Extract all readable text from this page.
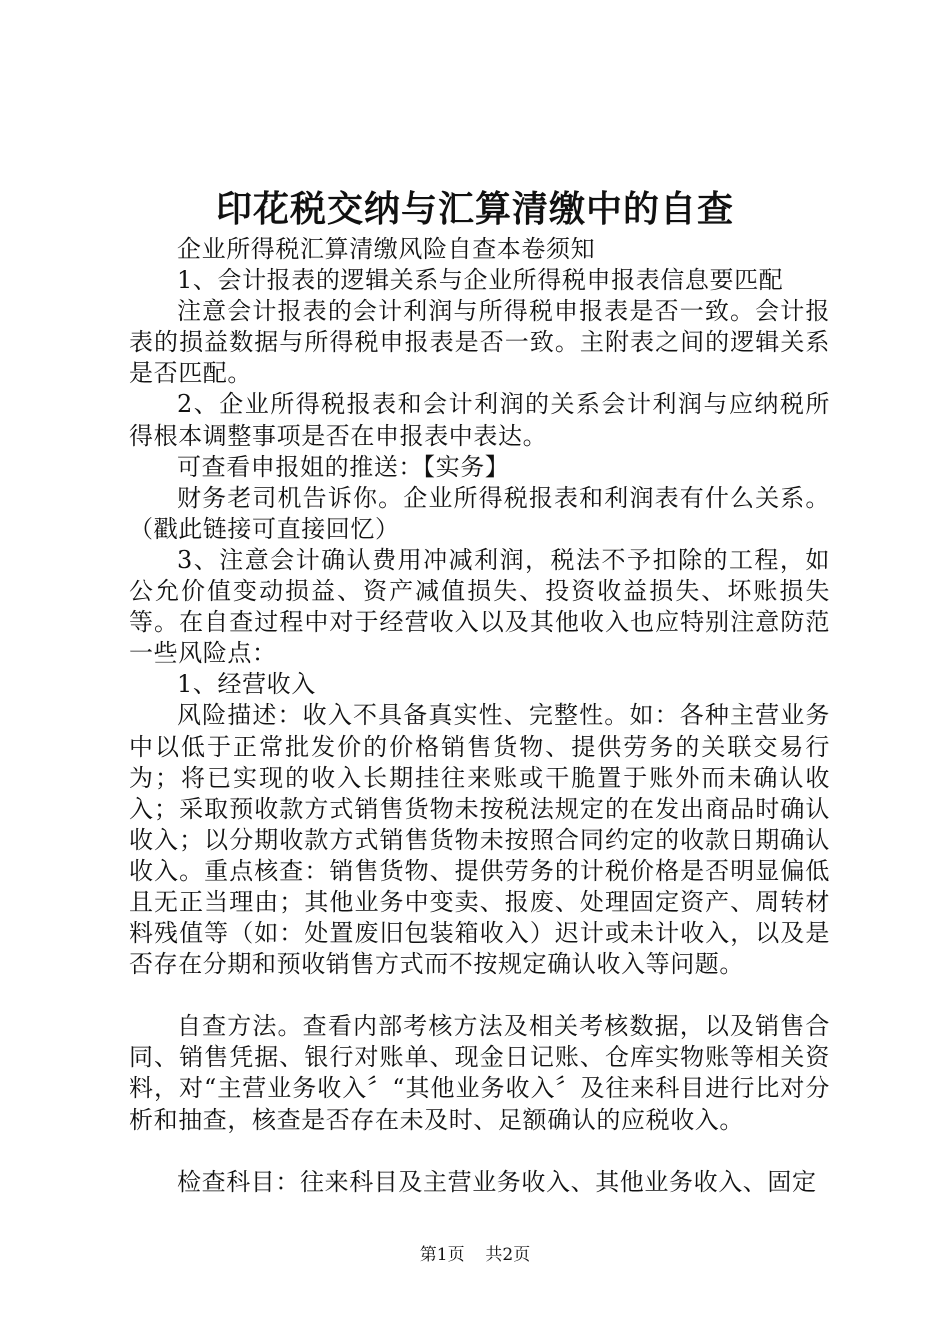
印花税交纳与汇算清缴中的自查

企业所得税汇算清缴风险自查本卷须知

1、会计报表的逻辑关系与企业所得税申报表信息要匹配

注意会计报表的会计利润与所得税申报表是否一致。会计报表的损益数据与所得税申报表是否一致。主附表之间的逻辑关系是否匹配。

2、企业所得税报表和会计利润的关系会计利润与应纳税所得根本调整事项是否在申报表中表达。

可查看申报姐的推送：【实务】

财务老司机告诉你。企业所得税报表和利润表有什么关系。（戳此链接可直接回忆）

3、注意会计确认费用冲减利润，税法不予扣除的工程，如公允价值变动损益、资产减值损失、投资收益损失、坏账损失等。在自查过程中对于经营收入以及其他收入也应特别注意防范一些风险点：

1、经营收入

风险描述：收入不具备真实性、完整性。如：各种主营业务中以低于正常批发价的价格销售货物、提供劳务的关联交易行为；将已实现的收入长期挂往来账或干脆置于账外而未确认收入；采取预收款方式销售货物未按税法规定的在发出商品时确认收入；以分期收款方式销售货物未按照合同约定的收款日期确认收入。重点核查：销售货物、提供劳务的计税价格是否明显偏低且无正当理由；其他业务中变卖、报废、处理固定资产、周转材料残值等（如：处置废旧包装箱收入）迟计或未计收入，以及是否存在分期和预收销售方式而不按规定确认收入等问题。

自查方法。查看内部考核方法及相关考核数据，以及销售合同、销售凭据、银行对账单、现金日记账、仓库实物账等相关资料，对“主营业务收入〞“其他业务收入〞及往来科目进行比对分析和抽查，核查是否存在未及时、足额确认的应税收入。

检查科目：往来科目及主营业务收入、其他业务收入、固定

第1页 共2页
